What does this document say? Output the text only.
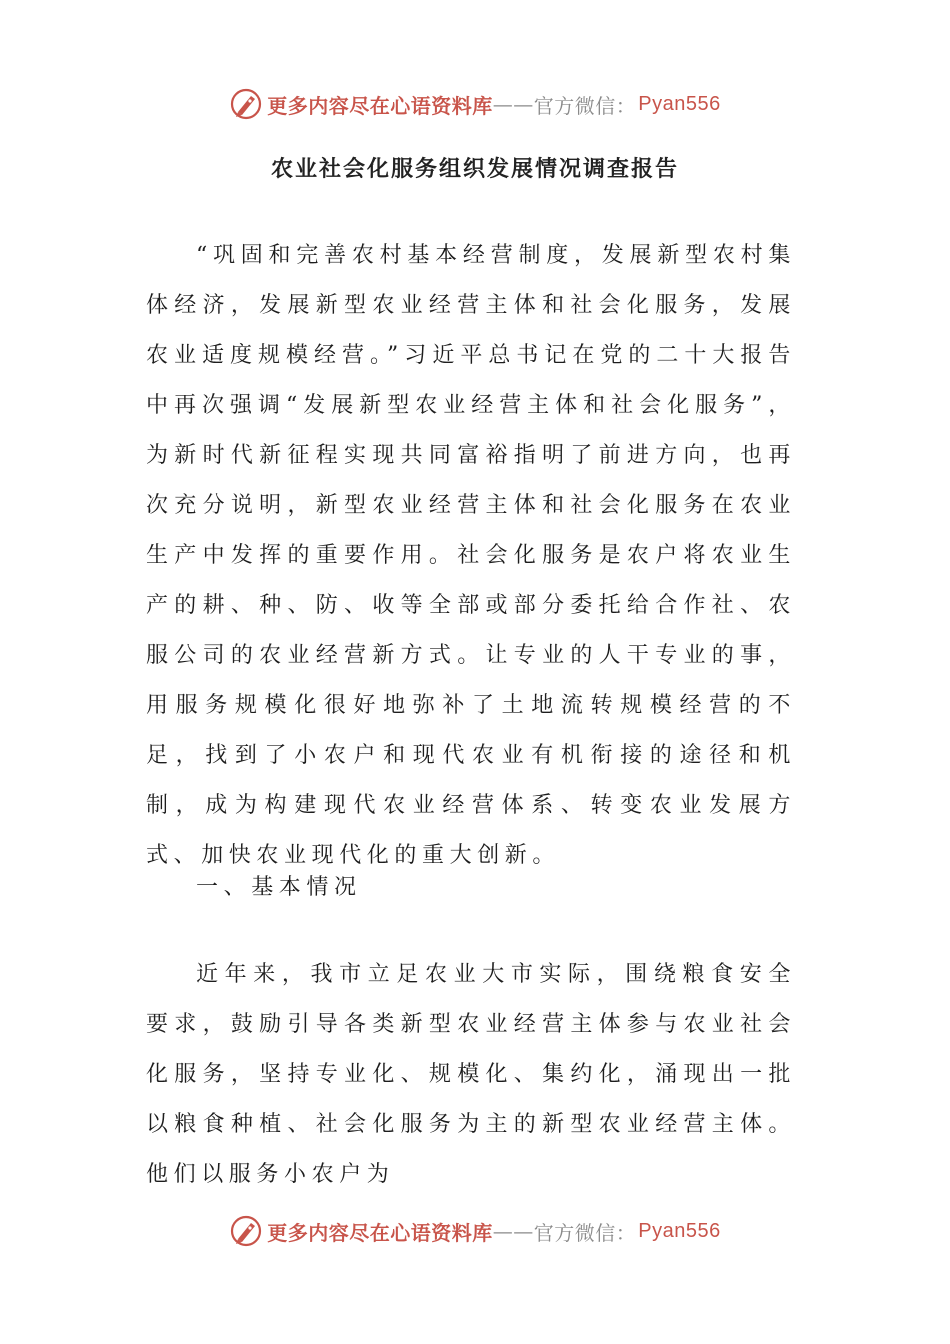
更多内容尽在心语资料库 —— 官方微信： Pyan556
农业社会化服务组织发展情况调查报告

“巩固和完善农村基本经营制度，发展新型农村集体经济，发展新型农业经营主体和社会化服务，发展农业适度规模经营。”习近平总书记在党的二十大报告中再次强调“发展新型农业经营主体和社会化服务”，为新时代新征程实现共同富裕指明了前进方向，也再次充分说明，新型农业经营主体和社会化服务在农业生产中发挥的重要作用。社会化服务是农户将农业生产的耕、种、防、收等全部或部分委托给合作社、农服公司的农业经营新方式。让专业的人干专业的事，用服务规模化很好地弥补了土地流转规模经营的不足，找到了小农户和现代农业有机衔接的途径和机制，成为构建现代农业经营体系、转变农业发展方式、加快农业现代化的重大创新。

一、基本情况

近年来，我市立足农业大市实际，围绕粮食安全要求，鼓励引导各类新型农业经营主体参与农业社会化服务，坚持专业化、规模化、集约化，涌现出一批以粮食种植、社会化服务为主的新型农业经营主体。他们以服务小农户为

更多内容尽在心语资料库 —— 官方微信： Pyan556
